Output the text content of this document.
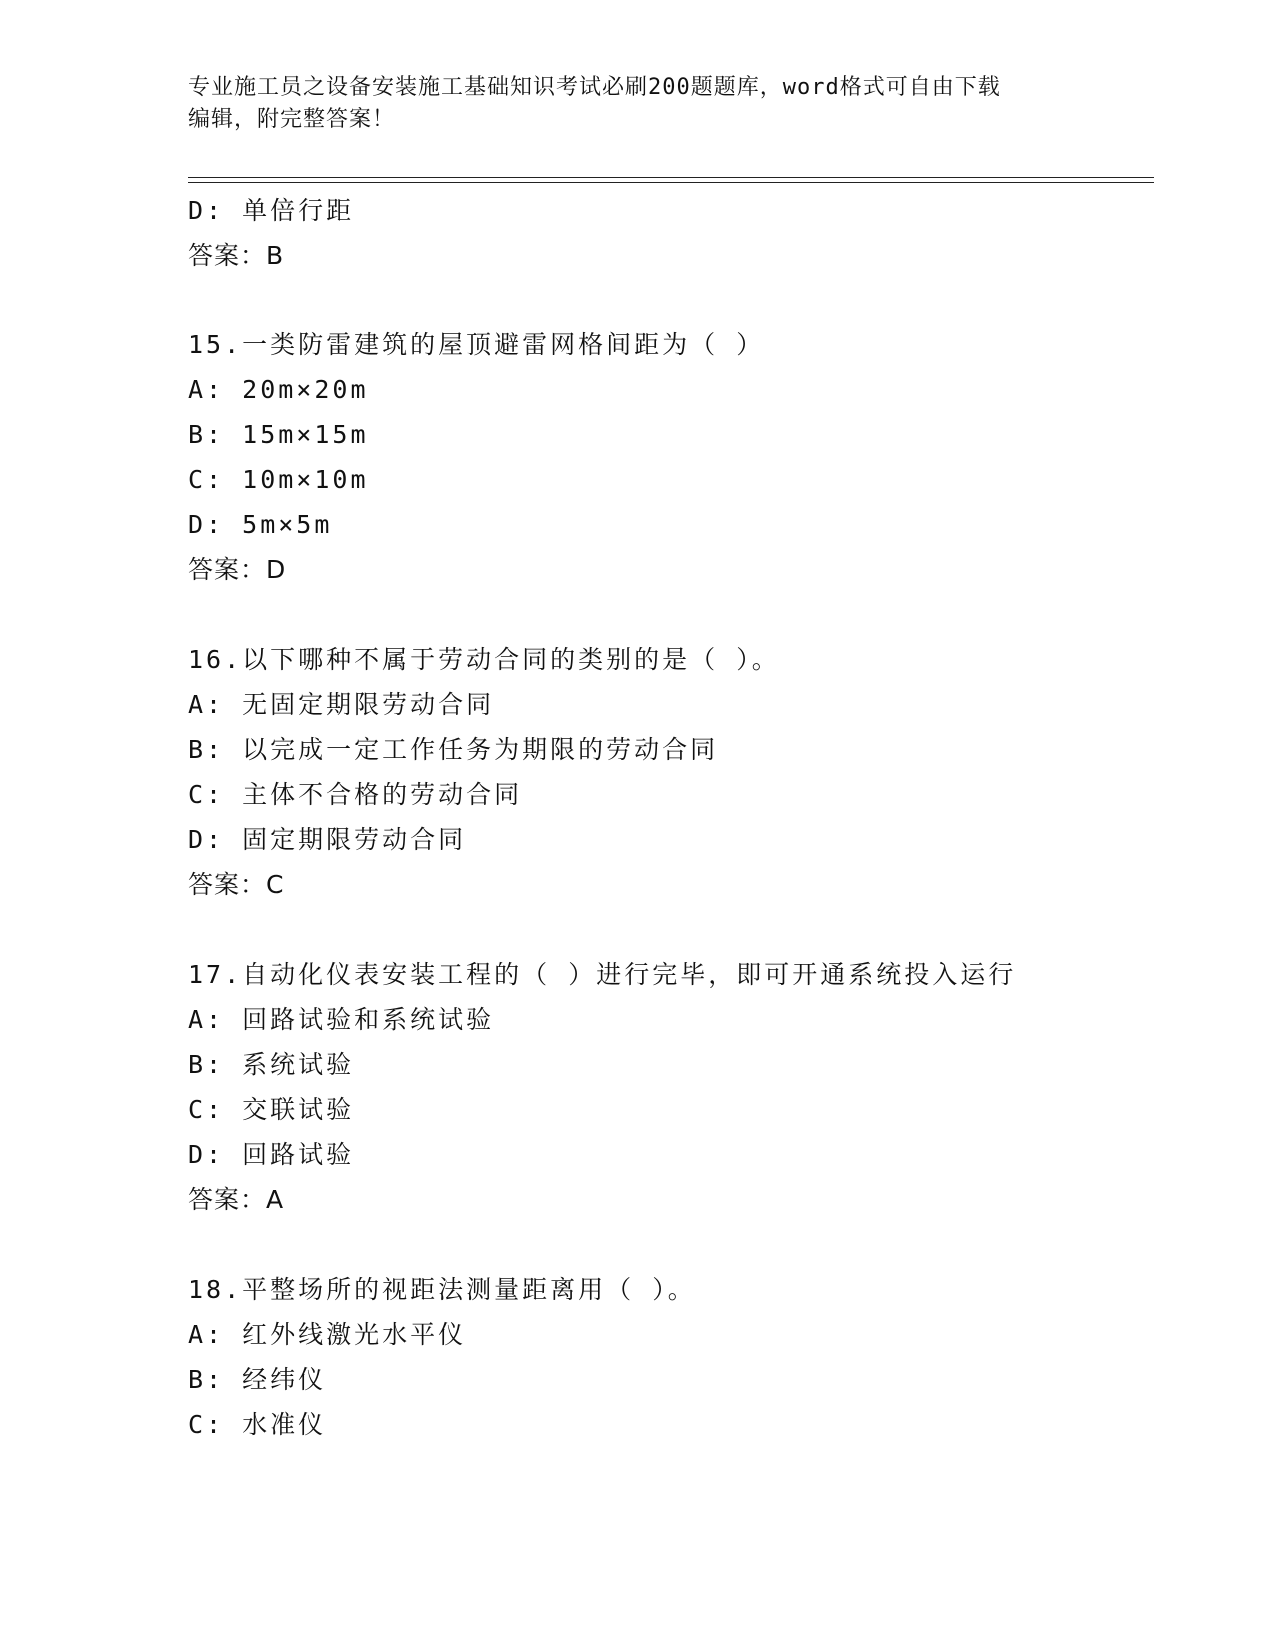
专业施工员之设备安装施工基础知识考试必刷200题题库，word格式可自由下载
编辑，附完整答案！
D: 单倍行距
答案：B
15.一类防雷建筑的屋顶避雷网格间距为（ ）
A: 20m×20m
B: 15m×15m
C: 10m×10m
D: 5m×5m
答案：D
16.以下哪种不属于劳动合同的类别的是（ ）。
A: 无固定期限劳动合同
B: 以完成一定工作任务为期限的劳动合同
C: 主体不合格的劳动合同
D: 固定期限劳动合同
答案：C
17.自动化仪表安装工程的（ ）进行完毕，即可开通系统投入运行
A: 回路试验和系统试验
B: 系统试验
C: 交联试验
D: 回路试验
答案：A
18.平整场所的视距法测量距离用（ ）。
A: 红外线激光水平仪
B: 经纬仪
C: 水准仪
